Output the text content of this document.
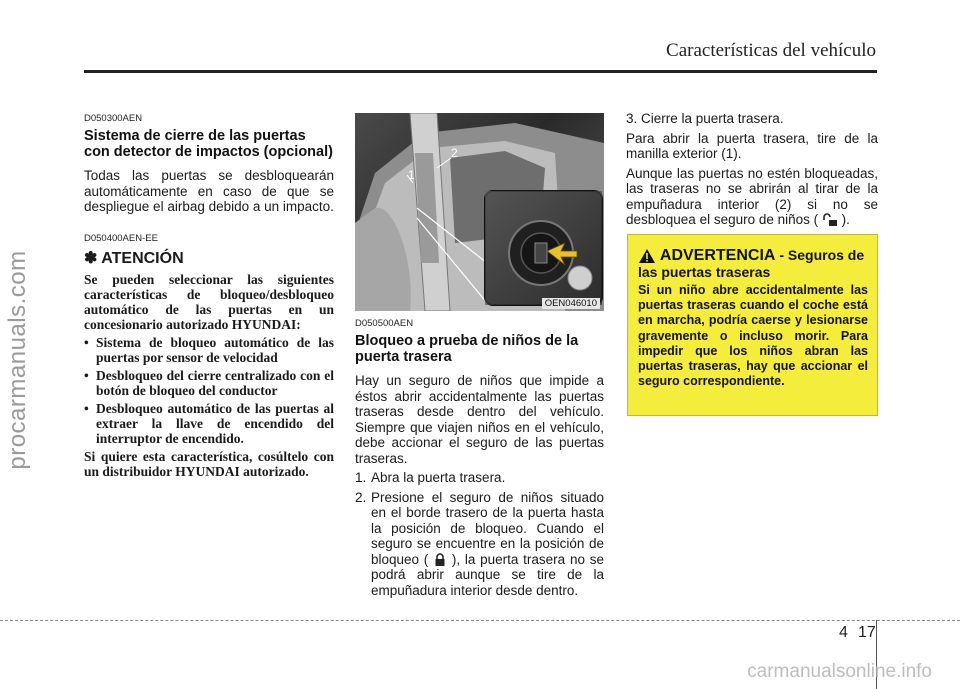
Características del vehículo
procarmanuals.com
D050300AEN
Sistema de cierre de las puertas con detector de impactos (opcional)
Todas las puertas se desbloquearán automáticamente en caso de que se despliegue el airbag debido a un impacto.
D050400AEN-EE
✽ ATENCIÓN
Se pueden seleccionar las siguientes características de bloqueo/desbloqueo automático de las puertas en un concesionario autorizado HYUNDAI:
• Sistema de bloqueo automático de las puertas por sensor de velocidad
• Desbloqueo del cierre centralizado con el botón de bloqueo del conductor
• Desbloqueo automático de las puertas al extraer la llave de encendido del interruptor de encendido.
Si quiere esta característica, cosúltelo con un distribuidor HYUNDAI autorizado.
1
2
OEN046010
D050500AEN
Bloqueo a prueba de niños de la puerta trasera
Hay un seguro de niños que impide a éstos abrir accidentalmente las puertas traseras desde dentro del vehículo. Siempre que viajen niños en el vehículo, debe accionar el seguro de las puertas traseras.
1. Abra la puerta trasera.
2. Presione el seguro de niños situado en el borde trasero de la puerta hasta la posición de bloqueo. Cuando el seguro se encuentre en la posición de bloqueo ( ), la puerta trasera no se podrá abrir aunque se tire de la empuñadura interior desde dentro.
3. Cierre la puerta trasera.
Para abrir la puerta trasera, tire de la manilla exterior (1).
Aunque las puertas no estén bloqueadas, las traseras no se abrirán al tirar de la empuñadura interior (2) si no se desbloquea el seguro de niños ( ).
ADVERTENCIA - Seguros de las puertas traseras
Si un niño abre accidentalmente las puertas traseras cuando el coche está en marcha, podría caerse y lesionarse gravemente o incluso morir. Para impedir que los niños abran las puertas traseras, hay que accionar el seguro correspondiente.
4 17
carmanualsonline.info
